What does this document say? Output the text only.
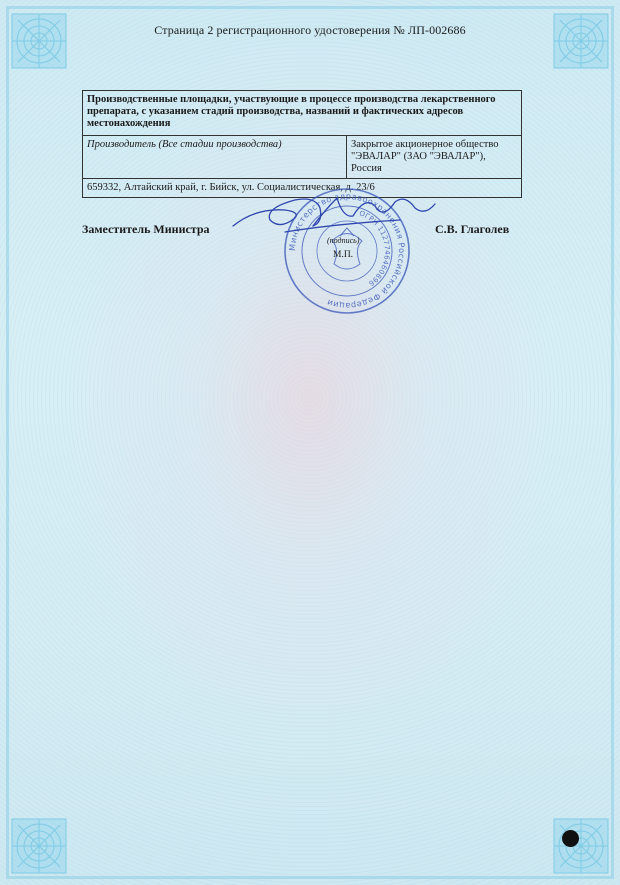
Страница 2 регистрационного удостоверения № ЛП-002686
Производственные площадки, участвующие в процессе производства лекарственного препарата, с указанием стадий производства, названий и фактических адресов местонахождения
Производитель (Все стадии производства)	Закрытое акционерное общество
"ЭВАЛАР" (ЗАО "ЭВАЛАР"), Россия

659332, Алтайский край, г. Бийск, ул. Социалистическая, д. 23/6
Заместитель Министра
Министерство здравоохранения Российской Федерации
ОГРН 1127746460896
(подпись)
М.П.
С.В. Глаголев
